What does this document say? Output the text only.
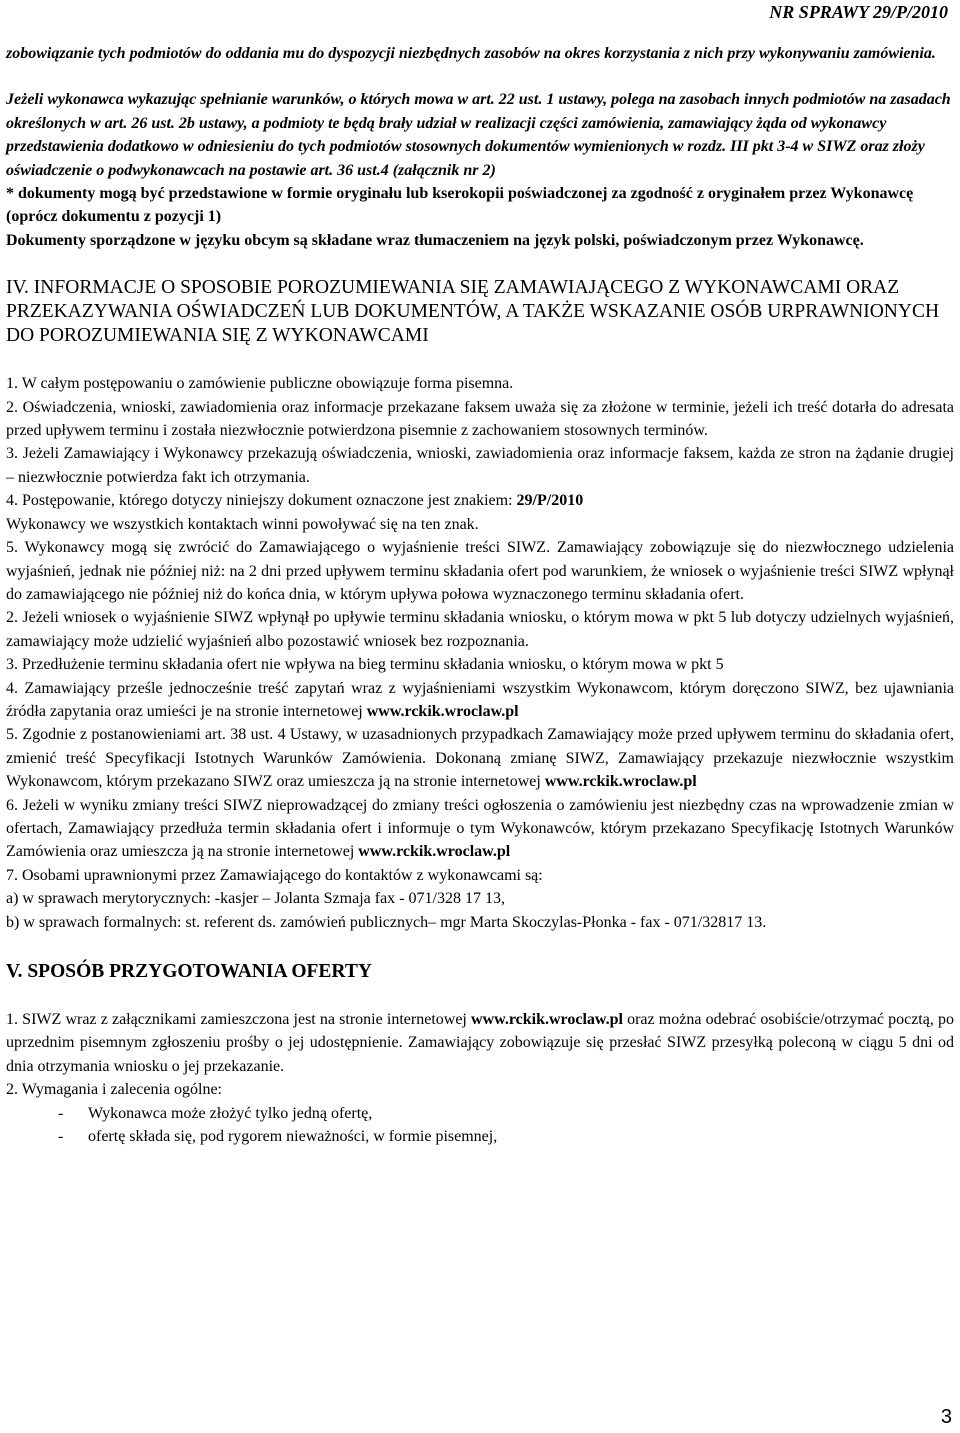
NR SPRAWY 29/P/2010

zobowiązanie tych podmiotów do oddania mu do dyspozycji niezbędnych zasobów na okres korzystania z nich przy wykonywaniu zamówienia.

Jeżeli wykonawca wykazując spełnianie warunków, o których mowa w art. 22 ust. 1 ustawy, polega na zasobach innych podmiotów na zasadach określonych w art. 26 ust. 2b ustawy, a podmioty te będą brały udział w realizacji części zamówienia, zamawiający żąda od wykonawcy przedstawienia dodatkowo w odniesieniu do tych podmiotów stosownych dokumentów wymienionych w rozdz. III pkt 3-4 w SIWZ oraz złoży oświadczenie o podwykonawcach na postawie art. 36 ust.4 (załącznik nr 2)

* dokumenty mogą być przedstawione w formie oryginału lub kserokopii poświadczonej za zgodność z oryginałem przez Wykonawcę (oprócz dokumentu z pozycji 1)

Dokumenty sporządzone w języku obcym są składane wraz tłumaczeniem na język polski, poświadczonym przez Wykonawcę.

IV. INFORMACJE O SPOSOBIE POROZUMIEWANIA SIĘ ZAMAWIAJĄCEGO Z WYKONAWCAMI ORAZ PRZEKAZYWANIA OŚWIADCZEŃ LUB DOKUMENTÓW, A TAKŻE WSKAZANIE OSÓB URPRAWNIONYCH DO POROZUMIEWANIA SIĘ Z WYKONAWCAMI

1. W całym postępowaniu o zamówienie publiczne obowiązuje forma pisemna.

2. Oświadczenia, wnioski, zawiadomienia oraz informacje przekazane faksem uważa się za złożone w terminie, jeżeli ich treść dotarła do adresata przed upływem terminu i została niezwłocznie potwierdzona pisemnie z zachowaniem stosownych terminów.

3. Jeżeli Zamawiający i Wykonawcy przekazują oświadczenia, wnioski, zawiadomienia oraz informacje faksem, każda ze stron na żądanie drugiej – niezwłocznie potwierdza fakt ich otrzymania.

4. Postępowanie, którego dotyczy niniejszy dokument oznaczone jest znakiem: 29/P/2010

Wykonawcy we wszystkich kontaktach winni powoływać się na ten znak.

5. Wykonawcy mogą się zwrócić do Zamawiającego o wyjaśnienie treści SIWZ. Zamawiający zobowiązuje się do niezwłocznego udzielenia wyjaśnień, jednak nie później niż: na 2 dni przed upływem terminu składania ofert pod warunkiem, że wniosek o wyjaśnienie treści SIWZ wpłynął do zamawiającego nie później niż do końca dnia, w którym upływa połowa wyznaczonego terminu składania ofert.

2. Jeżeli wniosek o wyjaśnienie SIWZ wpłynął po upływie terminu składania wniosku, o którym mowa w pkt 5 lub dotyczy udzielnych wyjaśnień, zamawiający może udzielić wyjaśnień albo pozostawić wniosek bez rozpoznania.

3. Przedłużenie terminu składania ofert nie wpływa na bieg terminu składania wniosku, o którym mowa w pkt 5

4. Zamawiający prześle jednocześnie treść zapytań wraz z wyjaśnieniami wszystkim Wykonawcom, którym doręczono SIWZ, bez ujawniania źródła zapytania oraz umieści je na stronie internetowej www.rckik.wroclaw.pl

5. Zgodnie z postanowieniami art. 38 ust. 4 Ustawy, w uzasadnionych przypadkach Zamawiający może przed upływem terminu do składania ofert, zmienić treść Specyfikacji Istotnych Warunków Zamówienia. Dokonaną zmianę SIWZ, Zamawiający przekazuje niezwłocznie wszystkim Wykonawcom, którym przekazano SIWZ oraz umieszcza ją na stronie internetowej www.rckik.wroclaw.pl

6. Jeżeli w wyniku zmiany treści SIWZ nieprowadzącej do zmiany treści ogłoszenia o zamówieniu jest niezbędny czas na wprowadzenie zmian w ofertach, Zamawiający przedłuża termin składania ofert i informuje o tym Wykonawców, którym przekazano Specyfikację Istotnych Warunków Zamówienia oraz umieszcza ją na stronie internetowej www.rckik.wroclaw.pl

7. Osobami uprawnionymi przez Zamawiającego do kontaktów z wykonawcami są:

a) w sprawach merytorycznych: -kasjer – Jolanta Szmaja fax - 071/328 17 13,

b) w sprawach formalnych: st. referent ds. zamówień publicznych– mgr Marta Skoczylas-Płonka - fax - 071/32817 13.

V. SPOSÓB PRZYGOTOWANIA OFERTY

1. SIWZ wraz z załącznikami zamieszczona jest na stronie internetowej www.rckik.wroclaw.pl oraz można odebrać osobiście/otrzymać pocztą, po uprzednim pisemnym zgłoszeniu prośby o jej udostępnienie. Zamawiający zobowiązuje się przesłać SIWZ przesyłką poleconą w ciągu 5 dni od dnia otrzymania wniosku o jej przekazanie.

2. Wymagania i zalecenia ogólne:

- Wykonawca może złożyć tylko jedną ofertę,
- ofertę składa się, pod rygorem nieważności, w formie pisemnej,

3
